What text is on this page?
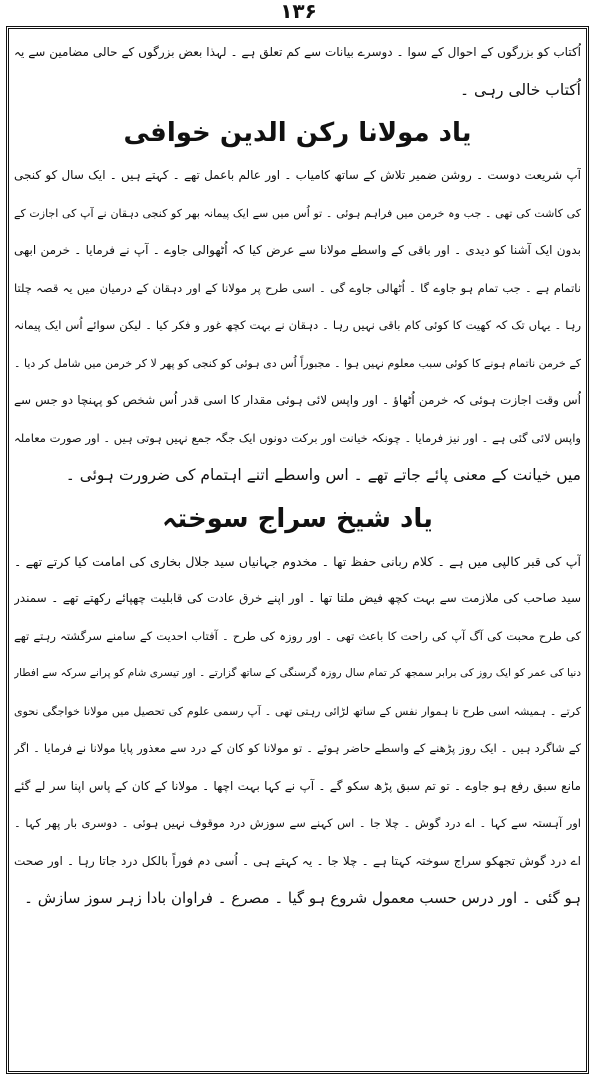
۱۳۶
اُکتاب کو بزرگوں کے احوال کے سوا ۔ دوسرے بیانات سے کم تعلق ہے ۔ لہذا بعض بزرگوں کے حالی مضامین سے یہ
اُکتاب خالی رہی ۔
یاد مولانا رکن الدین خوافی
آپ شریعت دوست ۔ روشن ضمیر تلاش کے ساتھ کامیاب ۔ اور عالم باعمل تھے ۔ کہتے ہیں ۔ ایک سال کو کنجی
کی کاشت کی تھی ۔ جب وہ خرمن میں فراہم ہوئی ۔ تو اُس میں سے ایک پیمانہ بھر کو کنجی دہقان نے آپ کی اجازت کے
بدون ایک آشنا کو دیدی ۔ اور باقی کے واسطے مولانا سے عرض کیا کہ اُٹھوالی جاوے ۔ آپ نے فرمایا ۔ خرمن ابھی
ناتمام ہے ۔ جب تمام ہو جاوے گا ۔ اُٹھالی جاوے گی ۔ اسی طرح پر مولانا کے اور دہقان کے درمیان میں یہ قصہ چلتا
رہا ۔ یہاں تک کہ کھیت کا کوئی کام باقی نہیں رہا ۔ دہقان نے بہت کچھ غور و فکر کیا ۔ لیکن سوائے اُس ایک پیمانہ
کے خرمن ناتمام ہونے کا کوئی سبب معلوم نہیں ہوا ۔ مجبوراً اُس دی ہوئی کو کنجی کو پھر لا کر خرمن میں شامل کر دیا ۔
اُس وقت اجازت ہوئی کہ خرمن اُٹھاؤ ۔ اور واپس لائی ہوئی مقدار کا اسی قدر اُس شخص کو پہنچا دو جس سے
واپس لائی گئی ہے ۔ اور نیز فرمایا ۔ چونکہ خیانت اور برکت دونوں ایک جگہ جمع نہیں ہوتی ہیں ۔ اور صورت معاملہ
میں خیانت کے معنی پائے جاتے تھے ۔ اس واسطے اتنے اہتمام کی ضرورت ہوئی ۔
یاد شیخ سراج سوختہ
آپ کی قبر کالپی میں ہے ۔ کلام ربانی حفظ تھا ۔ مخدوم جہانیاں سید جلال بخاری کی امامت کیا کرتے تھے ۔
سید صاحب کی ملازمت سے بہت کچھ فیض ملتا تھا ۔ اور اپنے خرق عادت کی قابلیت چھپائے رکھتے تھے ۔ سمندر
کی طرح محبت کی آگ آپ کی راحت کا باعث تھی ۔ اور روزہ کی طرح ۔ آفتاب احدیت کے سامنے سرگشتہ رہتے تھے
دنیا کی عمر کو ایک روز کی برابر سمجھ کر تمام سال روزہ گرسنگی کے ساتھ گزارتے ۔ اور تیسری شام کو پرانے سرکہ سے افطار
کرتے ۔ ہمیشہ اسی طرح نا ہموار نفس کے ساتھ لڑائی رہتی تھی ۔ آپ رسمی علوم کی تحصیل میں مولانا خواجگی نحوی
کے شاگرد ہیں ۔ ایک روز پڑھنے کے واسطے حاضر ہوئے ۔ تو مولانا کو کان کے درد سے معذور پایا مولانا نے فرمایا ۔ اگر
مانع سبق رفع ہو جاوے ۔ تو تم سبق پڑھ سکو گے ۔ آپ نے کہا بہت اچھا ۔ مولانا کے کان کے پاس اپنا سر لے گئے
اور آہستہ سے کہا ۔ اے درد گوش ۔ چلا جا ۔ اس کہنے سے سوزش درد موقوف نہیں ہوئی ۔ دوسری بار پھر کہا ۔
اے درد گوش تجھکو سراج سوختہ کہتا ہے ۔ چلا جا ۔ یہ کہتے ہی ۔ اُسی دم فوراً بالکل درد جاتا رہا ۔ اور صحت
ہو گئی ۔ اور درس حسب معمول شروع ہو گیا ۔ مصرع ۔ فراوان بادا زہر سوز سازش ۔
